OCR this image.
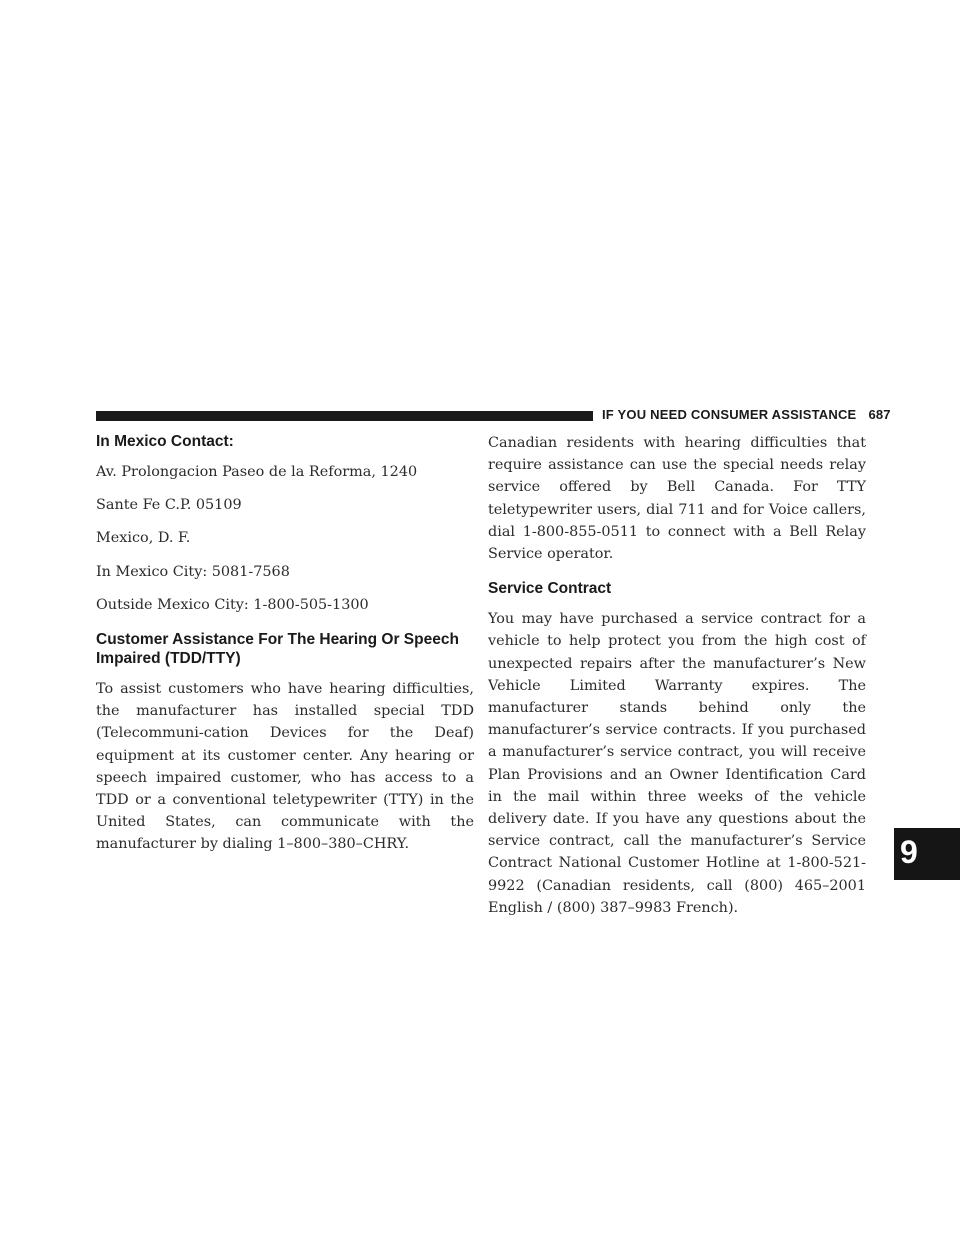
IF YOU NEED CONSUMER ASSISTANCE 687
In Mexico Contact:

Av. Prolongacion Paseo de la Reforma, 1240

Sante Fe C.P. 05109

Mexico, D. F.

In Mexico City: 5081-7568

Outside Mexico City: 1-800-505-1300

Customer Assistance For The Hearing Or Speech Impaired (TDD/TTY)

To assist customers who have hearing difficulties, the manufacturer has installed special TDD (Telecommuni-cation Devices for the Deaf) equipment at its customer center. Any hearing or speech impaired customer, who has access to a TDD or a conventional teletypewriter (TTY) in the United States, can communicate with the manufacturer by dialing 1–800–380–CHRY.

Canadian residents with hearing difficulties that require assistance can use the special needs relay service offered by Bell Canada. For TTY teletypewriter users, dial 711 and for Voice callers, dial 1-800-855-0511 to connect with a Bell Relay Service operator.

Service Contract

You may have purchased a service contract for a vehicle to help protect you from the high cost of unexpected repairs after the manufacturer’s New Vehicle Limited Warranty expires. The manufacturer stands behind only the manufacturer’s service contracts. If you purchased a manufacturer’s service contract, you will receive Plan Provisions and an Owner Identification Card in the mail within three weeks of the vehicle delivery date. If you have any questions about the service contract, call the manufacturer’s Service Contract National Customer Hotline at 1-800-521-9922 (Canadian residents, call (800) 465–2001 English / (800) 387–9983 French).

9
